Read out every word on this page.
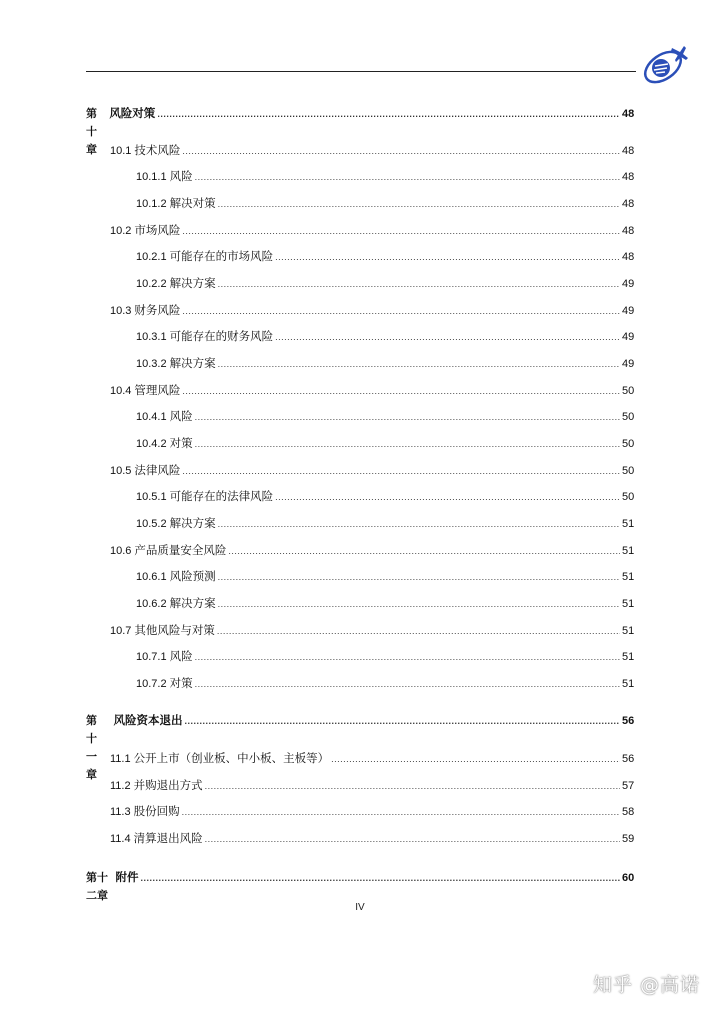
第十章
风险对策 .....	48
10.1 技术风险 .....	48
10.1.1 风险 .....	48
10.1.2 解决对策 .....	48
10.2 市场风险 .....	48
10.2.1 可能存在的市场风险 .....	48
10.2.2 解决方案 .....	49
10.3 财务风险 .....	49
10.3.1 可能存在的财务风险 .....	49
10.3.2 解决方案 .....	49
10.4 管理风险 .....	50
10.4.1 风险 .....	50
10.4.2 对策 .....	50
10.5 法律风险 .....	50
10.5.1 可能存在的法律风险 .....	50
10.5.2 解决方案 .....	51
10.6 产品质量安全风险 .....	51
10.6.1 风险预测 .....	51
10.6.2 解决方案 .....	51
10.7 其他风险与对策 .....	51
10.7.1 风险 .....	51
10.7.2 对策 .....	51
第十一章
风险资本退出 .....	56
11.1 公开上市（创业板、中小板、主板等） .....	56
11.2 并购退出方式 .....	57
11.3 股份回购 .....	58
11.4 清算退出风险 .....	59
第十二章
附件 .....	60
IV
知乎 @高诺
